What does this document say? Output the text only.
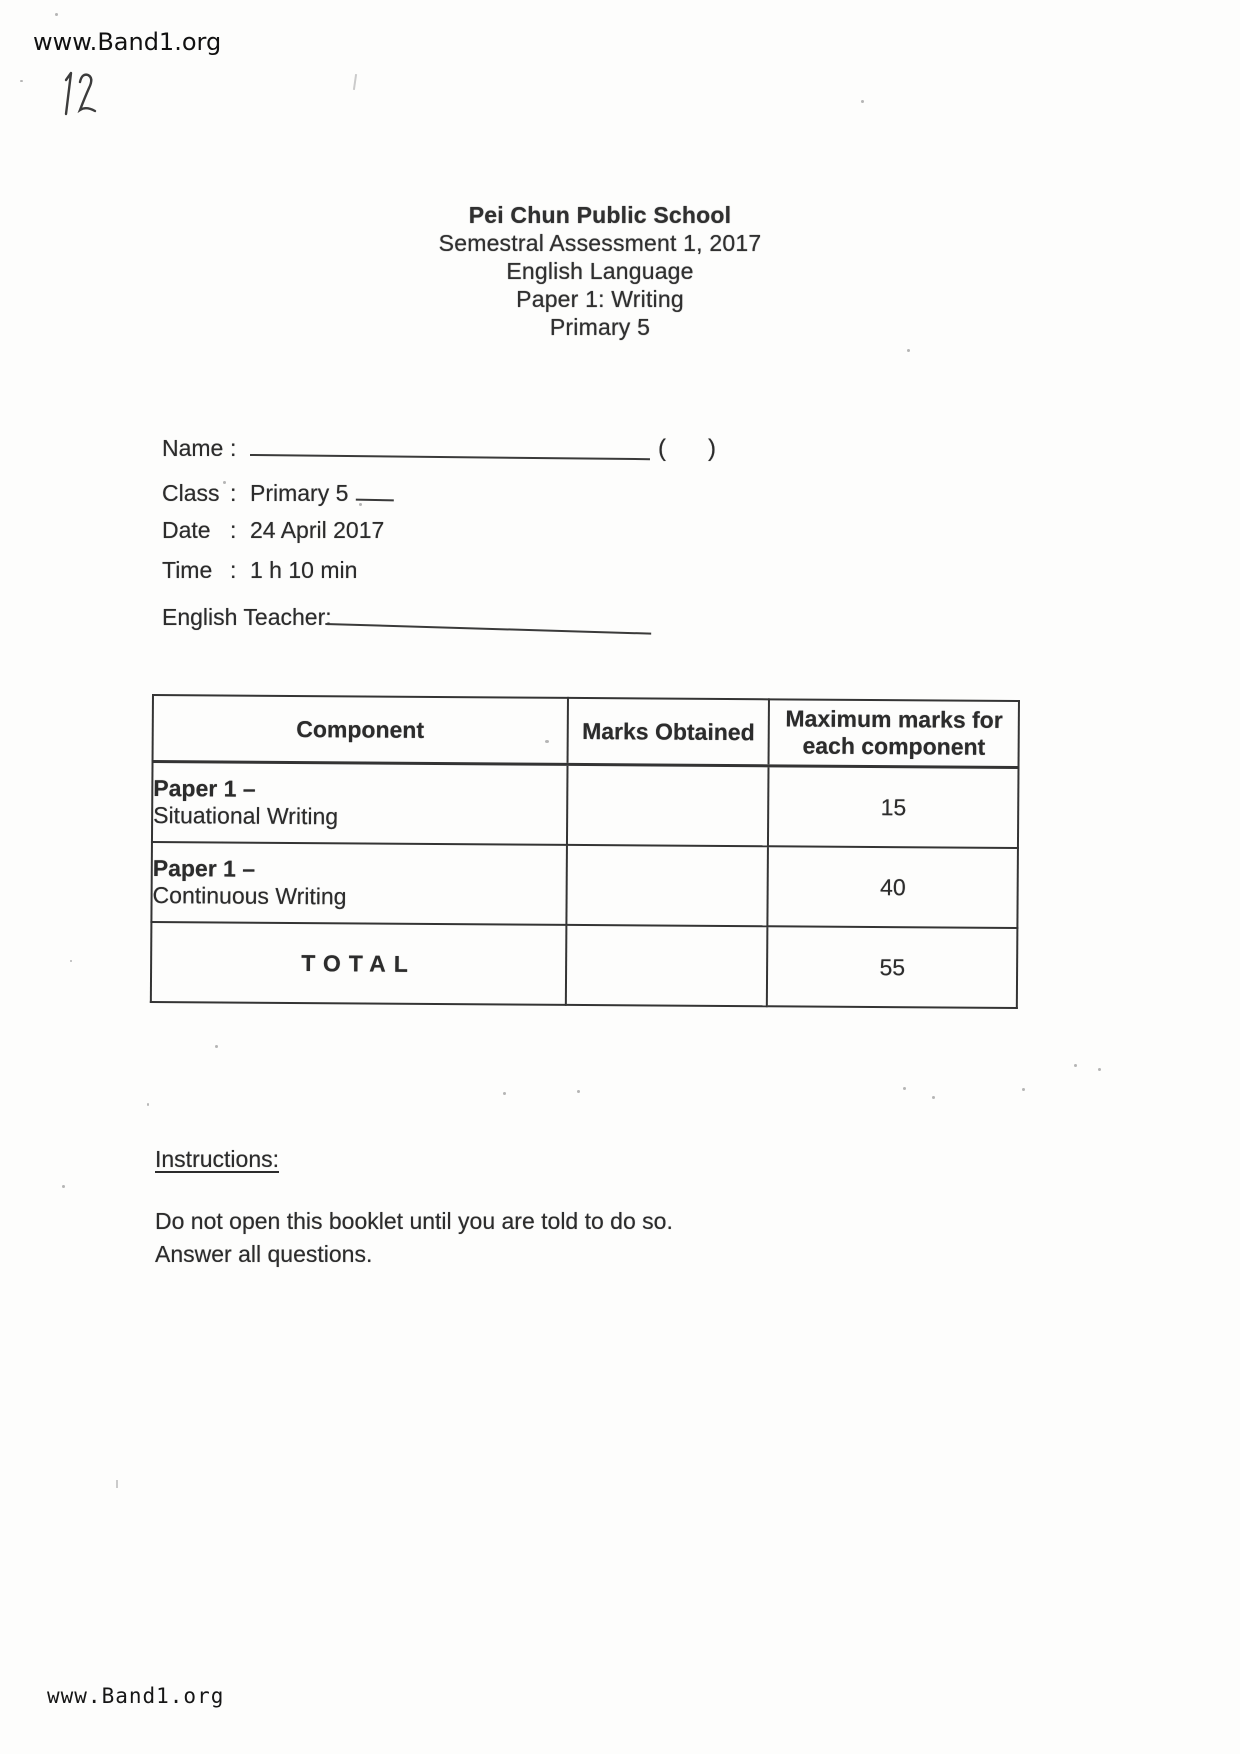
www.Band1.org
Pei Chun Public School
Semestral Assessment 1, 2017
English Language
Paper 1: Writing
Primary 5
Name :	( )
Class : Primary 5
Date : 24 April 2017
Time : 1 h 10 min
English Teacher:
Component	Marks Obtained	Maximum marks for
each component

Paper 1 –
Situational Writing		15

Paper 1 –
Continuous Writing		40
TOTAL		55
Instructions:
Do not open this booklet until you are told to do so.
Answer all questions.
www.Band1.org
